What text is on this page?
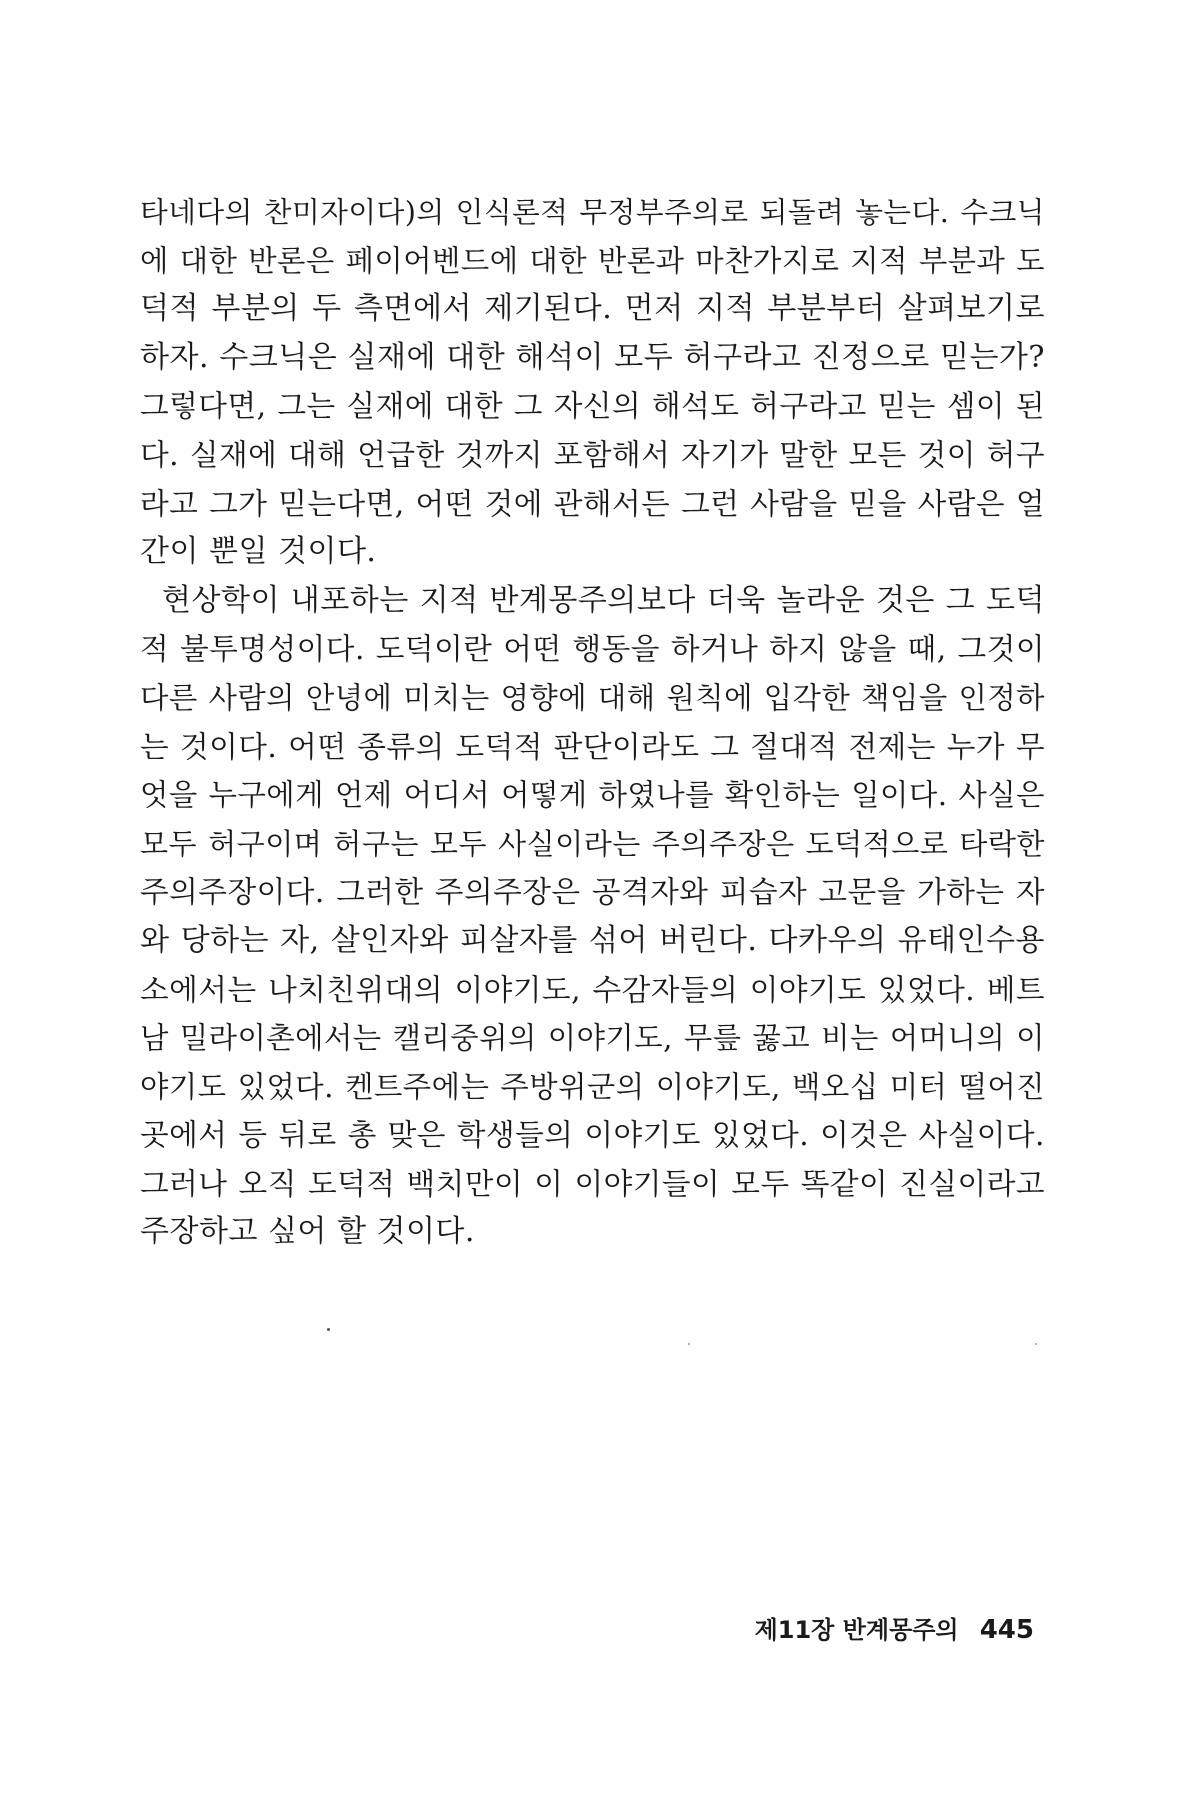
타네다의 찬미자이다)의 인식론적 무정부주의로 되돌려 놓는다. 수크닉
에 대한 반론은 페이어벤드에 대한 반론과 마찬가지로 지적 부분과 도
덕적 부분의 두 측면에서 제기된다. 먼저 지적 부분부터 살펴보기로
하자. 수크닉은 실재에 대한 해석이 모두 허구라고 진정으로 믿는가?
그렇다면, 그는 실재에 대한 그 자신의 해석도 허구라고 믿는 셈이 된
다. 실재에 대해 언급한 것까지 포함해서 자기가 말한 모든 것이 허구
라고 그가 믿는다면, 어떤 것에 관해서든 그런 사람을 믿을 사람은 얼
간이 뿐일 것이다.
현상학이 내포하는 지적 반계몽주의보다 더욱 놀라운 것은 그 도덕
적 불투명성이다. 도덕이란 어떤 행동을 하거나 하지 않을 때, 그것이
다른 사람의 안녕에 미치는 영향에 대해 원칙에 입각한 책임을 인정하
는 것이다. 어떤 종류의 도덕적 판단이라도 그 절대적 전제는 누가 무
엇을 누구에게 언제 어디서 어떻게 하였나를 확인하는 일이다. 사실은
모두 허구이며 허구는 모두 사실이라는 주의주장은 도덕적으로 타락한
주의주장이다. 그러한 주의주장은 공격자와 피습자 고문을 가하는 자
와 당하는 자, 살인자와 피살자를 섞어 버린다. 다카우의 유태인수용
소에서는 나치친위대의 이야기도, 수감자들의 이야기도 있었다. 베트
남 밀라이촌에서는 캘리중위의 이야기도, 무릎 꿇고 비는 어머니의 이
야기도 있었다. 켄트주에는 주방위군의 이야기도, 백오십 미터 떨어진
곳에서 등 뒤로 총 맞은 학생들의 이야기도 있었다. 이것은 사실이다.
그러나 오직 도덕적 백치만이 이 이야기들이 모두 똑같이 진실이라고
주장하고 싶어 할 것이다.
제11장 반계몽주의 445
